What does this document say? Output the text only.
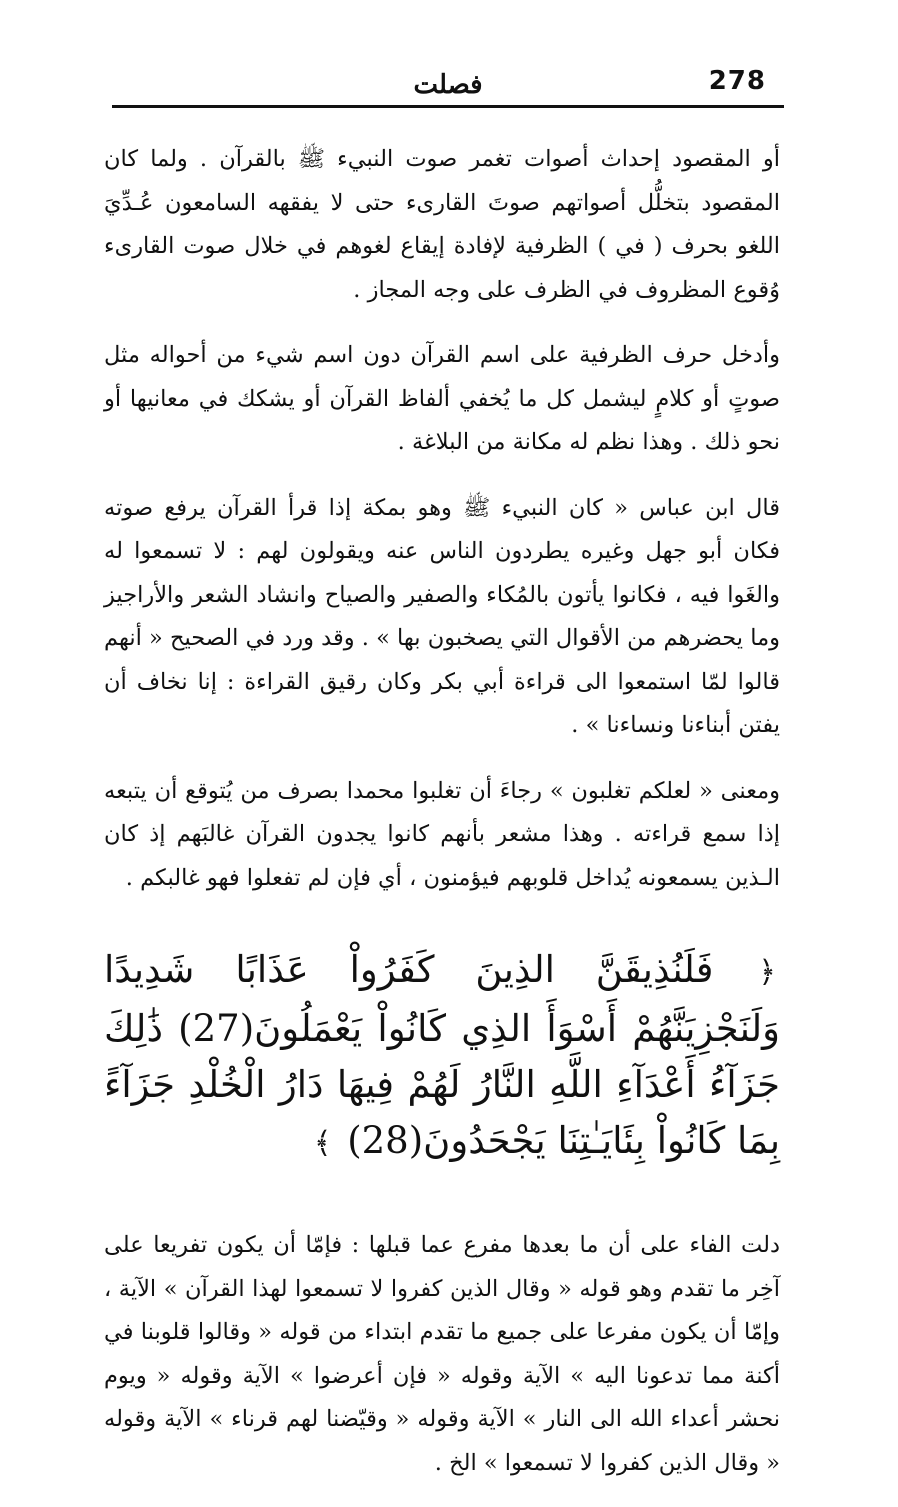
278
فصلت

أو المقصود إحداث أصوات تغمر صوت النبيء ﷺ بالقرآن . ولما كان المقصود بتخلُّل أصواتهم صوتَ القارىء حتى لا يفقهه السامعون عُـدِّيَ اللغو بحرف ( في ) الظرفية لإفادة إيقاع لغوهم في خلال صوت القارىء وُقوع المظروف في الظرف على وجه المجاز .

وأدخل حرف الظرفية على اسم القرآن دون اسم شيء من أحواله مثل صوتٍ أو كلامٍ ليشمل كل ما يُخفي ألفاظ القرآن أو يشكك في معانيها أو نحو ذلك . وهذا نظم له مكانة من البلاغة .

قال ابن عباس « كان النبيء ﷺ وهو بمكة إذا قرأ القرآن يرفع صوته فكان أبو جهل وغيره يطردون الناس عنه ويقولون لهم : لا تسمعوا له والغَوا فيه ، فكانوا يأتون بالمُكاء والصفير والصياح وانشاد الشعر والأراجيز وما يحضرهم من الأقوال التي يصخبون بها » . وقد ورد في الصحيح « أنهم قالوا لمّا استمعوا الى قراءة أبي بكر وكان رقيق القراءة : إنا نخاف أن يفتن أبناءنا ونساءنا » .

ومعنى « لعلكم تغلبون » رجاءَ أن تغلبوا محمدا بصرف من يُتوقع أن يتبعه إذا سمع قراءته . وهذا مشعر بأنهم كانوا يجدون القرآن غالبَهم إذ كان الـذين يسمعونه يُداخل قلوبهم فيؤمنون ، أي فإن لم تفعلوا فهو غالبكم .

﴿ فَلَنُذِيقَنَّ الذِينَ كَفَرُواْ عَذَابًا شَدِيدًا وَلَنَجْزِيَنَّهُمْ أَسْوَأَ الذِي كَانُواْ يَعْمَلُونَ(27) ذَٰلِكَ جَزَآءُ أَعْدَآءِ اللَّهِ النَّارُ لَهُمْ فِيهَا دَارُ الْخُلْدِ جَزَآءً بِمَا كَانُواْ بِئَايَـٰتِنَا يَجْحَدُونَ(28) ﴾

دلت الفاء على أن ما بعدها مفرع عما قبلها : فإمّا أن يكون تفريعا على آخِر ما تقدم وهو قوله « وقال الذين كفروا لا تسمعوا لهذا القرآن » الآية ، وإمّا أن يكون مفرعا على جميع ما تقدم ابتداء من قوله « وقالوا قلوبنا في أكنة مما تدعونا اليه » الآية وقوله « فإن أعرضوا » الآية وقوله « ويوم نحشر أعداء الله الى النار » الآية وقوله « وقيّضنا لهم قرناء » الآية وقوله « وقال الذين كفروا لا تسمعوا » الخ .
